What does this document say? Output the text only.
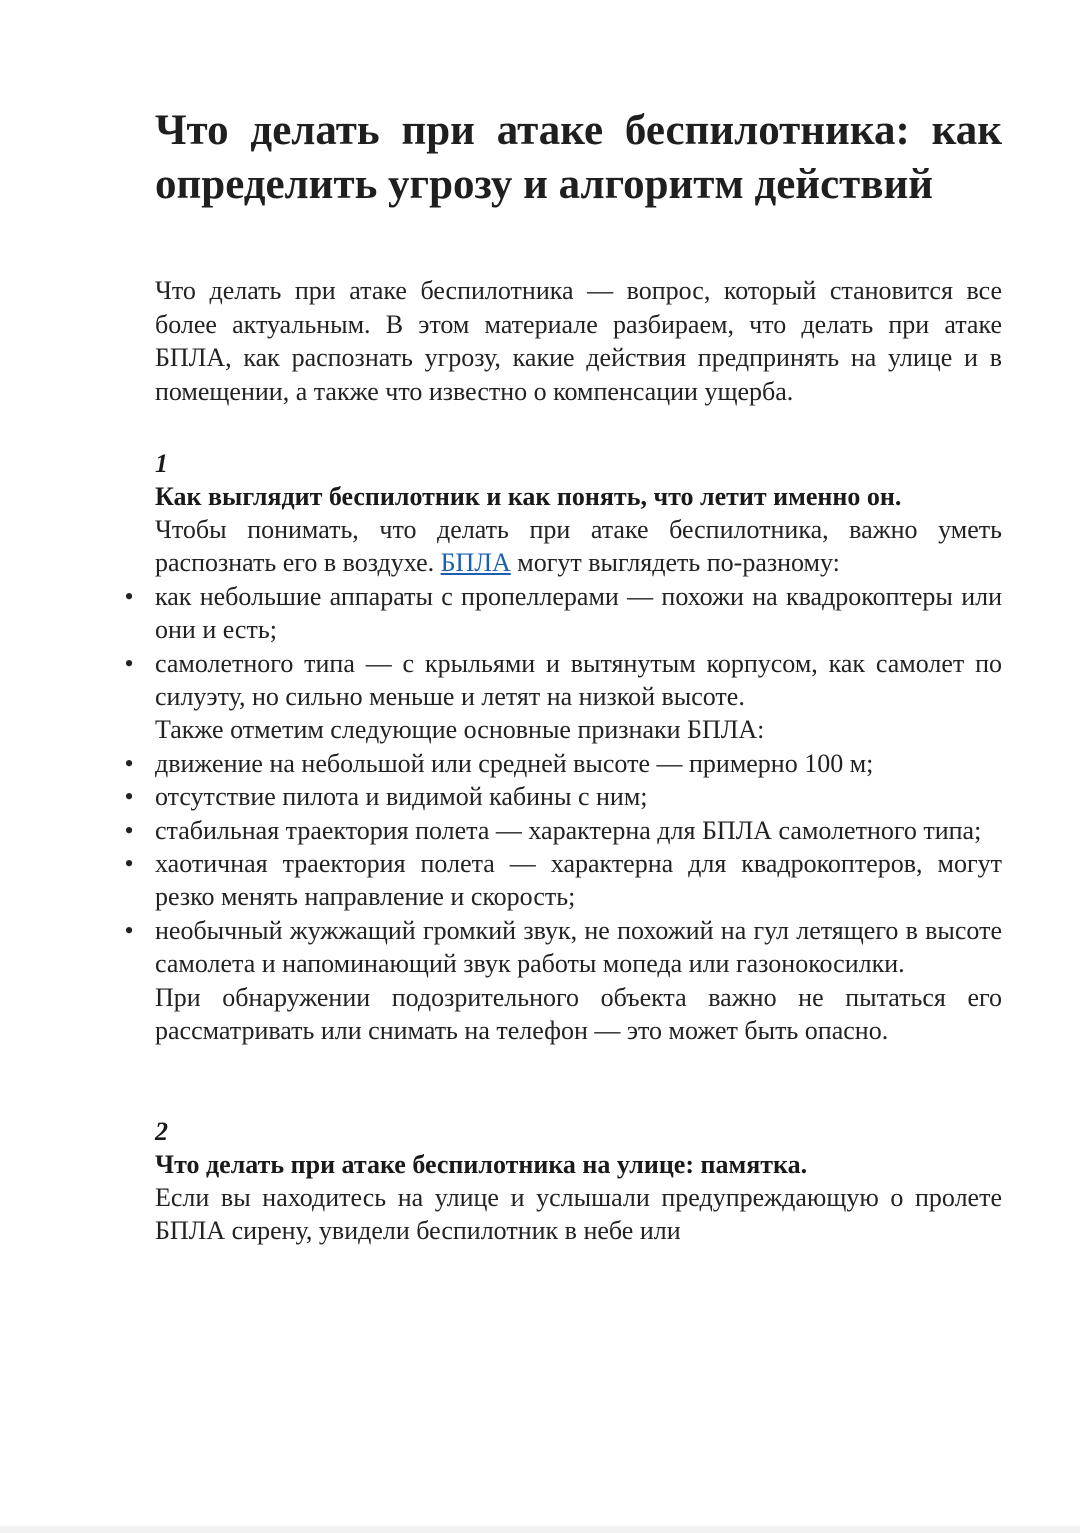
Что делать при атаке беспилотника: как определить угрозу и алгоритм действий

Что делать при атаке беспилотника — вопрос, который становится все более актуальным. В этом материале разбираем, что делать при атаке БПЛА, как распознать угрозу, какие действия предпринять на улице и в помещении, а также что известно о компенсации ущерба.

1

Как выглядит беспилотник и как понять, что летит именно он.

Чтобы понимать, что делать при атаке беспилотника, важно уметь распознать его в воздухе. БПЛА могут выглядеть по-разному:

• как небольшие аппараты с пропеллерами — похожи на квадрокоптеры или они и есть;
• самолетного типа — с крыльями и вытянутым корпусом, как самолет по силуэту, но сильно меньше и летят на низкой высоте.

Также отметим следующие основные признаки БПЛА:

• движение на небольшой или средней высоте — примерно 100 м;
• отсутствие пилота и видимой кабины с ним;
• стабильная траектория полета — характерна для БПЛА самолетного типа;
• хаотичная траектория полета — характерна для квадрокоптеров, могут резко менять направление и скорость;
• необычный жужжащий громкий звук, не похожий на гул летящего в высоте самолета и напоминающий звук работы мопеда или газонокосилки.

При обнаружении подозрительного объекта важно не пытаться его рассматривать или снимать на телефон — это может быть опасно.

2

Что делать при атаке беспилотника на улице: памятка.

Если вы находитесь на улице и услышали предупреждающую о пролете БПЛА сирену, увидели беспилотник в небе или
